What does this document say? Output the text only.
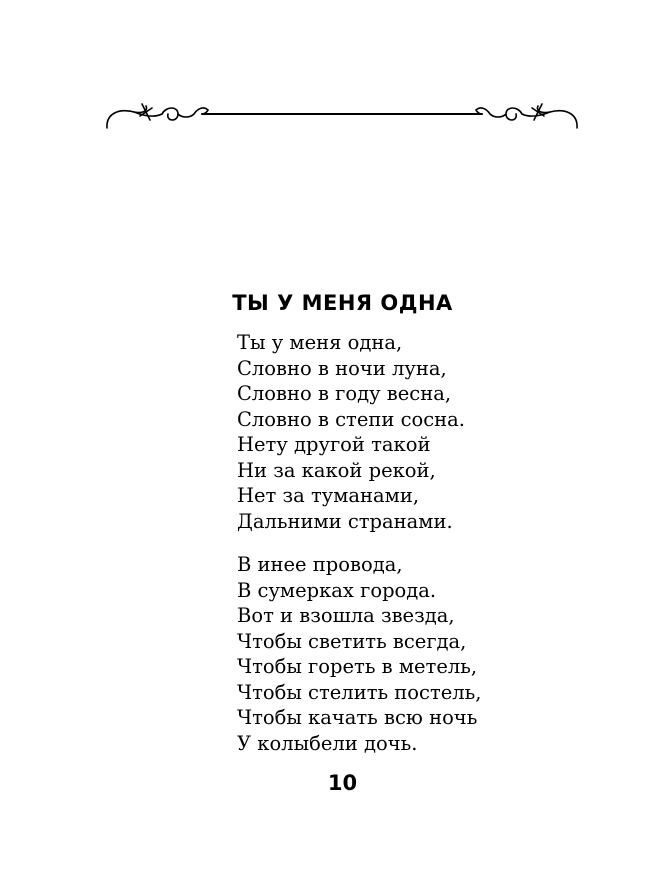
ТЫ У МЕНЯ ОДНА
Ты у меня одна,
Словно в ночи луна,
Словно в году весна,
Словно в степи сосна.
Нету другой такой
Ни за какой рекой,
Нет за туманами,
Дальними странами.
В инее провода,
В сумерках города.
Вот и взошла звезда,
Чтобы светить всегда,
Чтобы гореть в метель,
Чтобы стелить постель,
Чтобы качать всю ночь
У колыбели дочь.
10
